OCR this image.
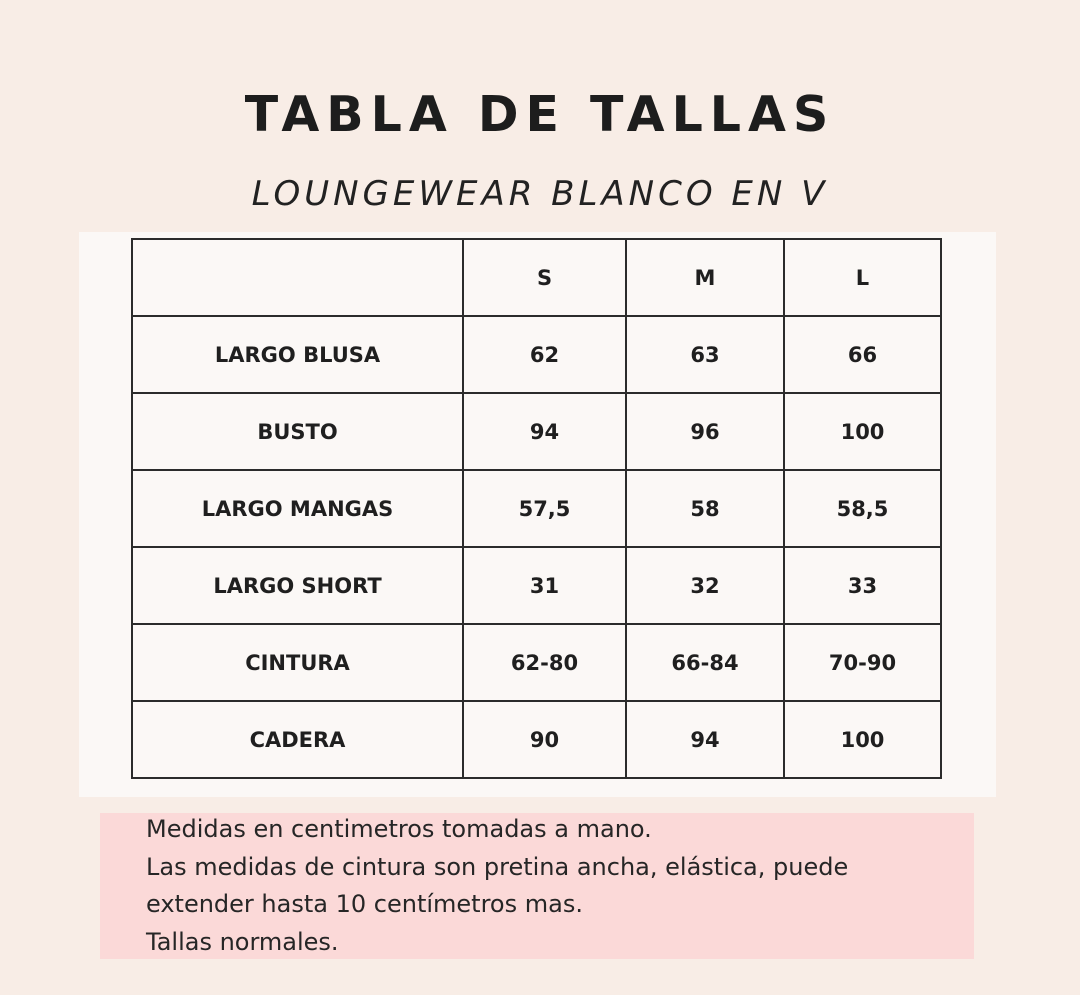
TABLA DE TALLAS
LOUNGEWEAR BLANCO EN V
	S	M	L
LARGO BLUSA	62	63	66
BUSTO	94	96	100
LARGO MANGAS	57,5	58	58,5
LARGO SHORT	31	32	33
CINTURA	62-80	66-84	70-90
CADERA	90	94	100
Medidas en centimetros tomadas a mano.
Las medidas de cintura son pretina ancha, elástica, puede
extender hasta 10 centímetros mas.
Tallas normales.
